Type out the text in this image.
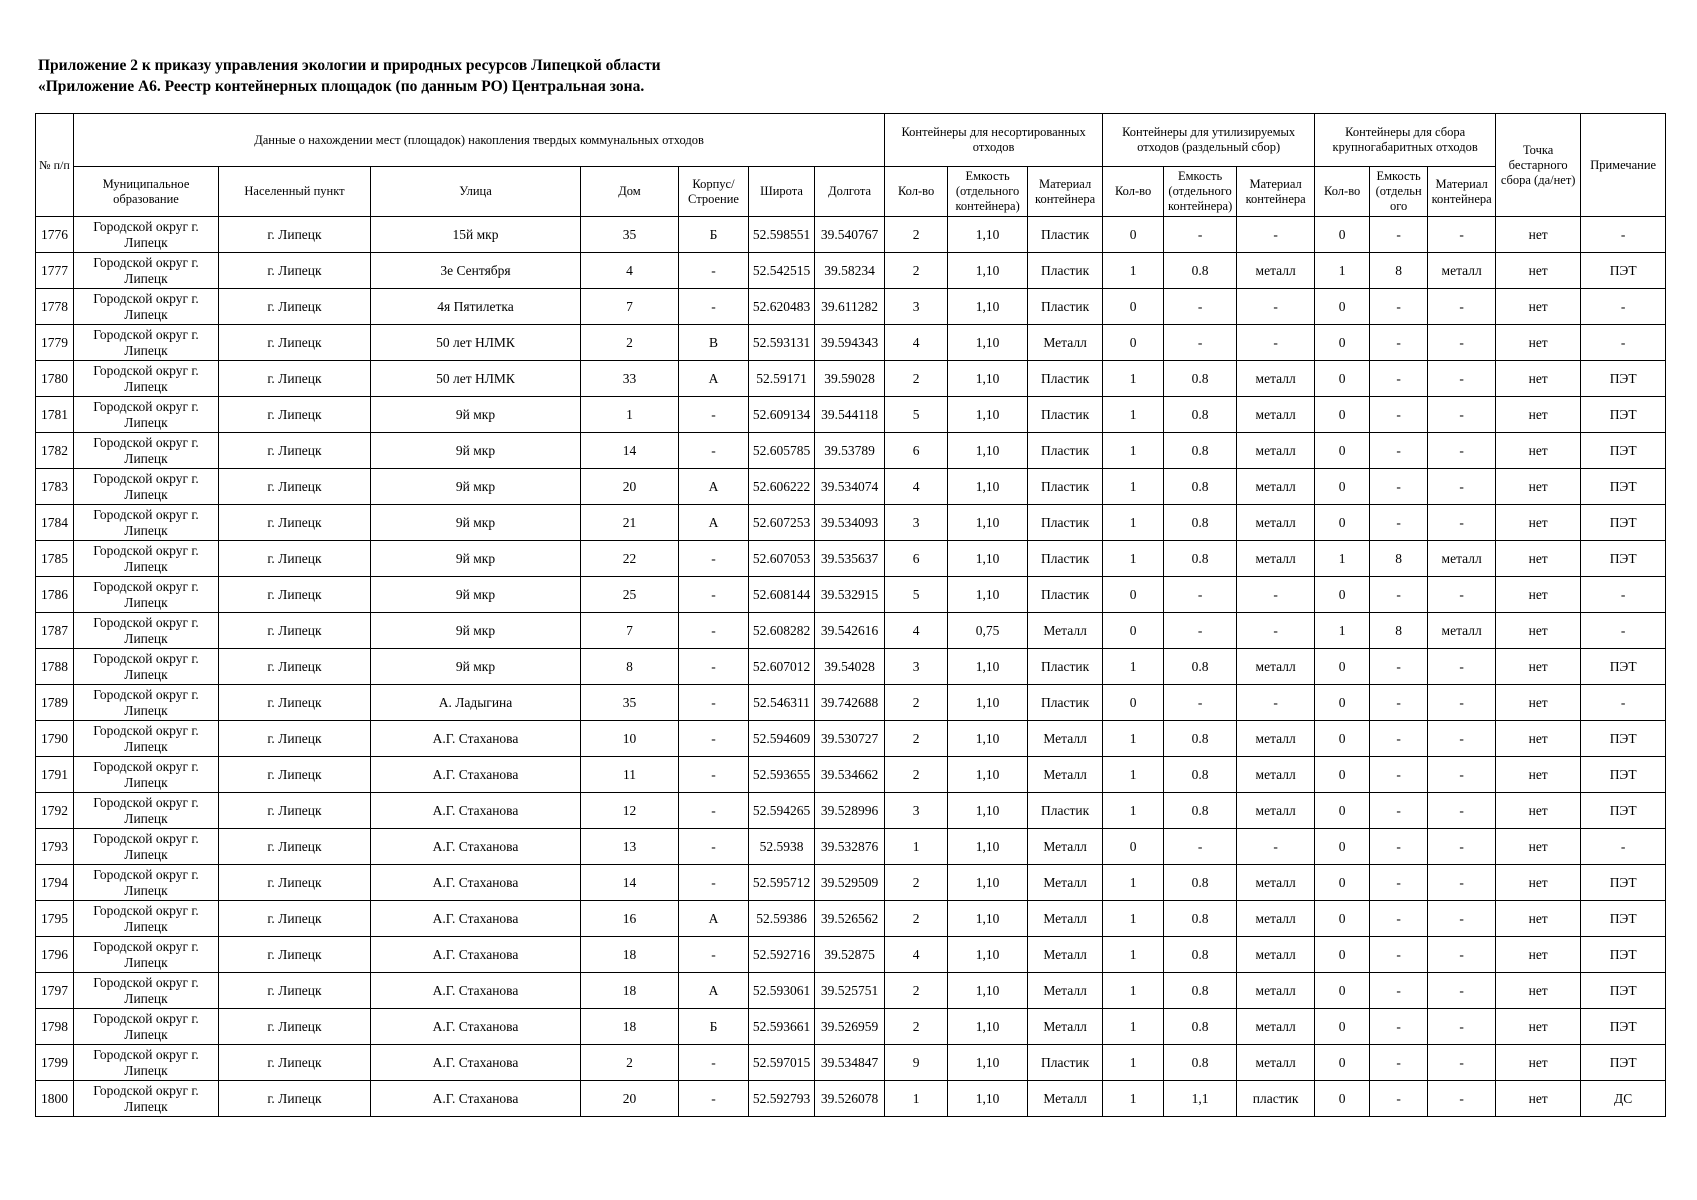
Приложение 2 к приказу управления экологии и природных ресурсов Липецкой области
«Приложение А6. Реестр контейнерных площадок (по данным РО) Центральная зона.
№ п/п	Данные о нахождении мест (площадок) накопления твердых коммунальных отходов							Контейнеры для несортированных отходов			Контейнеры для утилизируемых отходов (раздельный сбор)			Контейнеры для сбора крупногабаритных отходов			Точка бестарного сбора (да/нет)	Примечание
	Муниципальное образование	Населенный пункт	Улица	Дом	Корпус/ Строение	Широта	Долгота	Кол-во	Емкость (отдельного контейнера)	Материал контейнера	Кол-во	Емкость (отдельного контейнера)	Материал контейнера	Кол-во	Емкость (отдельн ого	Материал контейнера		
1776	Городской округ г. Липецк	г. Липецк	15й мкр	35	Б	52.598551	39.540767	2	1,10	Пластик	0	-	-	0	-	-	нет	-
1777	Городской округ г. Липецк	г. Липецк	3е Сентября	4	-	52.542515	39.58234	2	1,10	Пластик	1	0.8	металл	1	8	металл	нет	ПЭТ
1778	Городской округ г. Липецк	г. Липецк	4я Пятилетка	7	-	52.620483	39.611282	3	1,10	Пластик	0	-	-	0	-	-	нет	-
1779	Городской округ г. Липецк	г. Липецк	50 лет НЛМК	2	В	52.593131	39.594343	4	1,10	Металл	0	-	-	0	-	-	нет	-
1780	Городской округ г. Липецк	г. Липецк	50 лет НЛМК	33	А	52.59171	39.59028	2	1,10	Пластик	1	0.8	металл	0	-	-	нет	ПЭТ
1781	Городской округ г. Липецк	г. Липецк	9й мкр	1	-	52.609134	39.544118	5	1,10	Пластик	1	0.8	металл	0	-	-	нет	ПЭТ
1782	Городской округ г. Липецк	г. Липецк	9й мкр	14	-	52.605785	39.53789	6	1,10	Пластик	1	0.8	металл	0	-	-	нет	ПЭТ
1783	Городской округ г. Липецк	г. Липецк	9й мкр	20	А	52.606222	39.534074	4	1,10	Пластик	1	0.8	металл	0	-	-	нет	ПЭТ
1784	Городской округ г. Липецк	г. Липецк	9й мкр	21	А	52.607253	39.534093	3	1,10	Пластик	1	0.8	металл	0	-	-	нет	ПЭТ
1785	Городской округ г. Липецк	г. Липецк	9й мкр	22	-	52.607053	39.535637	6	1,10	Пластик	1	0.8	металл	1	8	металл	нет	ПЭТ
1786	Городской округ г. Липецк	г. Липецк	9й мкр	25	-	52.608144	39.532915	5	1,10	Пластик	0	-	-	0	-	-	нет	-
1787	Городской округ г. Липецк	г. Липецк	9й мкр	7	-	52.608282	39.542616	4	0,75	Металл	0	-	-	1	8	металл	нет	-
1788	Городской округ г. Липецк	г. Липецк	9й мкр	8	-	52.607012	39.54028	3	1,10	Пластик	1	0.8	металл	0	-	-	нет	ПЭТ
1789	Городской округ г. Липецк	г. Липецк	А. Ладыгина	35	-	52.546311	39.742688	2	1,10	Пластик	0	-	-	0	-	-	нет	-
1790	Городской округ г. Липецк	г. Липецк	А.Г. Стаханова	10	-	52.594609	39.530727	2	1,10	Металл	1	0.8	металл	0	-	-	нет	ПЭТ
1791	Городской округ г. Липецк	г. Липецк	А.Г. Стаханова	11	-	52.593655	39.534662	2	1,10	Металл	1	0.8	металл	0	-	-	нет	ПЭТ
1792	Городской округ г. Липецк	г. Липецк	А.Г. Стаханова	12	-	52.594265	39.528996	3	1,10	Пластик	1	0.8	металл	0	-	-	нет	ПЭТ
1793	Городской округ г. Липецк	г. Липецк	А.Г. Стаханова	13	-	52.5938	39.532876	1	1,10	Металл	0	-	-	0	-	-	нет	-
1794	Городской округ г. Липецк	г. Липецк	А.Г. Стаханова	14	-	52.595712	39.529509	2	1,10	Металл	1	0.8	металл	0	-	-	нет	ПЭТ
1795	Городской округ г. Липецк	г. Липецк	А.Г. Стаханова	16	А	52.59386	39.526562	2	1,10	Металл	1	0.8	металл	0	-	-	нет	ПЭТ
1796	Городской округ г. Липецк	г. Липецк	А.Г. Стаханова	18	-	52.592716	39.52875	4	1,10	Металл	1	0.8	металл	0	-	-	нет	ПЭТ
1797	Городской округ г. Липецк	г. Липецк	А.Г. Стаханова	18	А	52.593061	39.525751	2	1,10	Металл	1	0.8	металл	0	-	-	нет	ПЭТ
1798	Городской округ г. Липецк	г. Липецк	А.Г. Стаханова	18	Б	52.593661	39.526959	2	1,10	Металл	1	0.8	металл	0	-	-	нет	ПЭТ
1799	Городской округ г. Липецк	г. Липецк	А.Г. Стаханова	2	-	52.597015	39.534847	9	1,10	Пластик	1	0.8	металл	0	-	-	нет	ПЭТ
1800	Городской округ г. Липецк	г. Липецк	А.Г. Стаханова	20	-	52.592793	39.526078	1	1,10	Металл	1	1,1	пластик	0	-	-	нет	ДС
